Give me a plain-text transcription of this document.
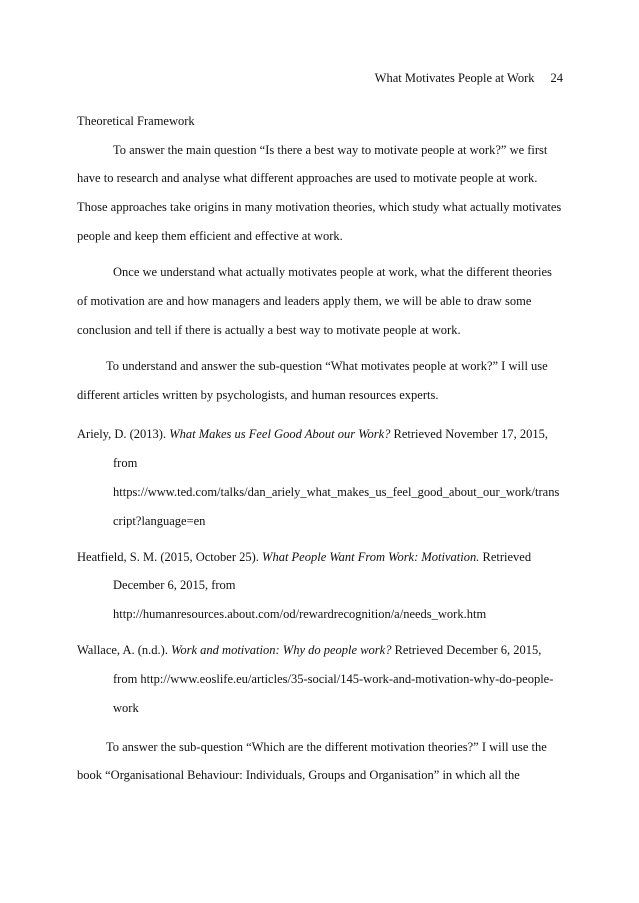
What Motivates People at Work 24
Theoretical Framework
To answer the main question “Is there a best way to motivate people at work?” we first
have to research and analyse what different approaches are used to motivate people at work.
Those approaches take origins in many motivation theories, which study what actually motivates
people and keep them efficient and effective at work.
Once we understand what actually motivates people at work, what the different theories
of motivation are and how managers and leaders apply them, we will be able to draw some
conclusion and tell if there is actually a best way to motivate people at work.
To understand and answer the sub-question “What motivates people at work?” I will use
different articles written by psychologists, and human resources experts.
Ariely, D. (2013). What Makes us Feel Good About our Work? Retrieved November 17, 2015,
from
https://www.ted.com/talks/dan_ariely_what_makes_us_feel_good_about_our_work/trans
cript?language=en
Heatfield, S. M. (2015, October 25). What People Want From Work: Motivation. Retrieved
December 6, 2015, from
http://humanresources.about.com/od/rewardrecognition/a/needs_work.htm
Wallace, A. (n.d.). Work and motivation: Why do people work? Retrieved December 6, 2015,
from http://www.eoslife.eu/articles/35-social/145-work-and-motivation-why-do-people-
work
To answer the sub-question “Which are the different motivation theories?” I will use the
book “Organisational Behaviour: Individuals, Groups and Organisation” in which all the
